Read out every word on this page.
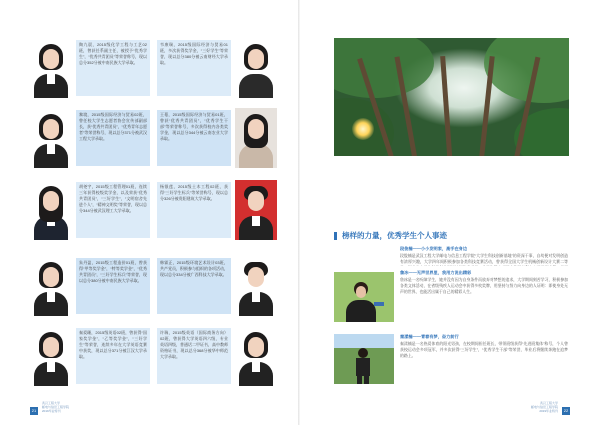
陶九晨，2015级化学工程与工艺02班，曾获任系副主任，被授予“优秀学生”，“优秀共青团员”等荣誉称号，现以总分352分被中南民族大学录取。
韦康瑞，2015级国际经济与贸易01班，多次获得奖学金，“三好学生”等荣誉，现以总分380分被云南财经大学录取。
黎境，2015级国际经济与贸易02班，曾任校大学生志愿者协会宣传部副部长，获“优秀共青团员”，“优秀青年志愿者”等荣誉称号，现以总分371分被武汉工程大学录取。
王蔓，2015级国际经济与贸易01班，曾获“优秀共青团员”，“优秀学生干部”等荣誉称号，多次获得校内各类奖学金，现以总分344分被云南农业大学录取。
胡尧宇，2015级工程管理01班，连续三年获得校级奖学金，以及荣获“优秀共青团员”，“三好学生”，“文明宿舍先进个人”，“精神文明奖”等荣誉，现以总分344分被武汉理工大学录取。
杨银莲，2015级土木工程02班，获得“三好学生标兵”等荣誉称号，现以总分326分被贵阳建筑大学录取。
朱丹盈，2015级工程造价01班，曾获得“甲等奖学金”，“特等奖学金”，“优秀共青团员”，“三好学生标兵”等荣誉，现以总分380分被中南民族大学录取。
韩霖正，2015级环境艺术设计03班，共产党员，积极参与组织的各项活动，现以总分334分被广西科技大学录取。
秦爱珊，2015级英语02班，曾获得“国家奖学金”，“乙等奖学金”，“三好学生”等荣誉，连续多年在大学英语竞赛中获奖，现以总分371分被江汉大学录取。
许瑞，2015级英语（国际商务方向）02班，曾获得大学英语四六级，专业英语四级，普通话二甲证书，高中教师资格证书，现以总分368分被华中师范大学录取。
21
武汉工程大学
邮电与信息工程学院
2019毕业特刊
榜样的力量，优秀学生个人事迹
段俊楠——小小发明家，高手在身边
段俊楠是武汉工程大学邮电与信息工程学院“大学生科技创新基地”的资深干事，自幼便对发明创造有浓厚兴趣，大学四年间积极参加各类科技竞赛活动，曾获得全国大学生机械创新设计大赛二等
詹冰——无声世界里，我用力说出精彩
詹冰是一名听障学生，她并没有因为自身条件而放弃对梦想的追求，大学期间刻苦学习，积极参加各类文体活动，在省级残疾人运动会中获得多枚奖牌，用坚持与努力向身边的人证明：即使身处无声的世界，也能活出属于自己的精彩人生。
秦漾楠——青春有梦，奋力前行
秦漾楠是一名热爱体育的阳光男孩，在校期间担任班长，带领班级获得“先进班集体”称号，个人曾获校运动会多项冠军，并多次获得“三好学生”，“优秀学生干部”等荣誉，毕业后将继续奔跑在追梦的路上。
武汉工程大学
邮电与信息工程学院
2019毕业特刊	22
